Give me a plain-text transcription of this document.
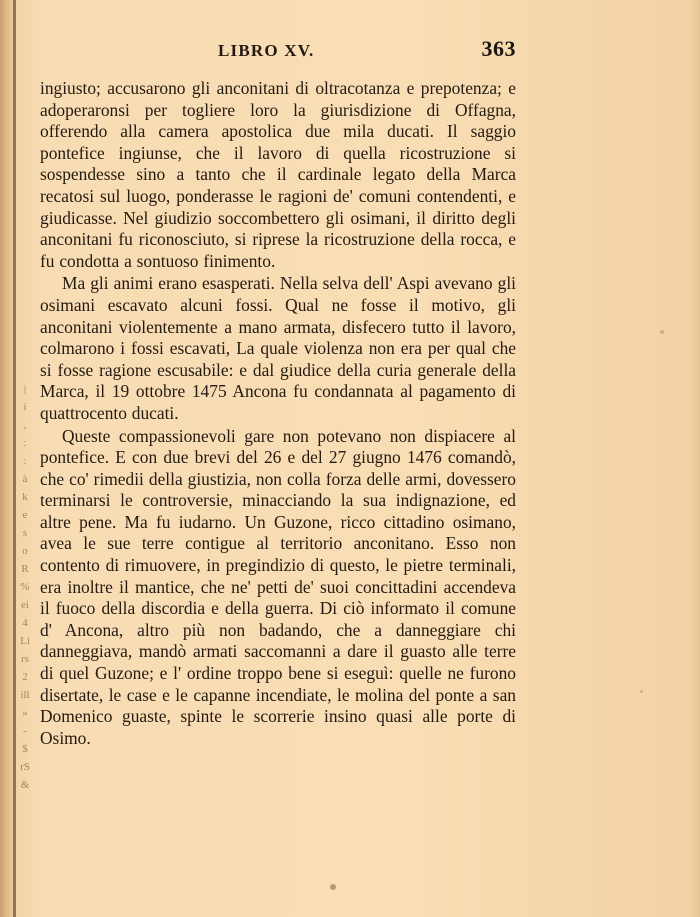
|
i
,
:
:
à
k
e
s
o
R
%
ei
4
Li
rs
2
ill
»
-
$
rS
&
LIBRO XV.	363

ingiusto; accusarono gli anconitani di oltracotanza e prepotenza; e adoperaronsi per togliere loro la giurisdizione di Offagna, offerendo alla camera apostolica due mila ducati. Il saggio pontefice ingiunse, che il lavoro di quella ricostruzione si sospendesse sino a tanto che il cardinale legato della Marca recatosi sul luogo, ponderasse le ragioni de' comuni contendenti, e giudicasse. Nel giudizio soccombettero gli osimani, il diritto degli anconitani fu riconosciuto, si riprese la ricostruzione della rocca, e fu condotta a sontuoso finimento.

Ma gli animi erano esasperati. Nella selva dell' Aspi avevano gli osimani escavato alcuni fossi. Qual ne fosse il motivo, gli anconitani violentemente a mano armata, disfecero tutto il lavoro, colmarono i fossi escavati, La quale violenza non era per qual che si fosse ragione escusabile: e dal giudice della curia generale della Marca, il 19 ottobre 1475 Ancona fu condannata al pagamento di quattrocento ducati.

Queste compassionevoli gare non potevano non dispiacere al pontefice. E con due brevi del 26 e del 27 giugno 1476 comandò, che co' rimedii della giustizia, non colla forza delle armi, dovessero terminarsi le controversie, minacciando la sua indignazione, ed altre pene. Ma fu iudarno. Un Guzone, ricco cittadino osimano, avea le sue terre contigue al territorio anconitano. Esso non contento di rimuovere, in pregindizio di questo, le pietre terminali, era inoltre il mantice, che ne' petti de' suoi concittadini accendeva il fuoco della discordia e della guerra. Di ciò informato il comune d' Ancona, altro più non badando, che a danneggiare chi danneggiava, mandò armati saccomanni a dare il guasto alle terre di quel Guzone; e l' ordine troppo bene si eseguì: quelle ne furono disertate, le case e le capanne incendiate, le molina del ponte a san Domenico guaste, spinte le scorrerie insino quasi alle porte di Osimo.
